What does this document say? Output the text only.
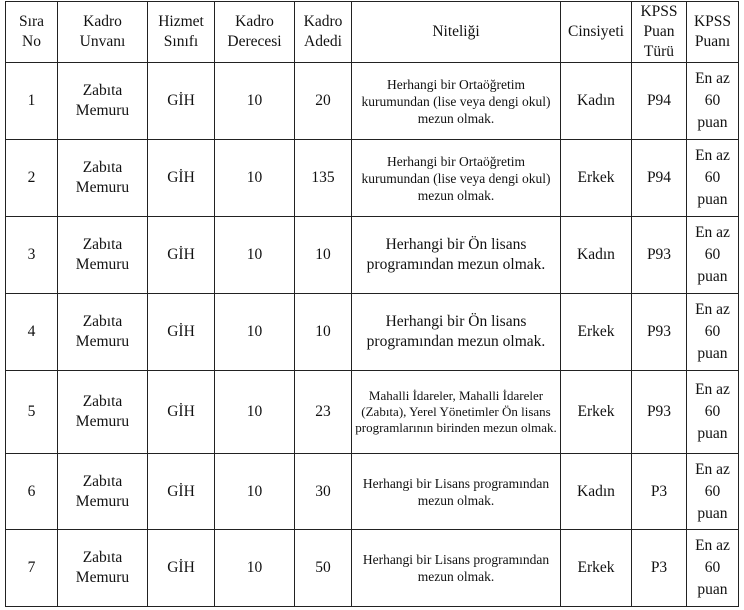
Sıra No	Kadro Unvanı	Hizmet Sınıfı	Kadro Derecesi	Kadro Adedi	Niteliği	Cinsiyeti	KPSS Puan Türü	KPSS Puanı
1	Zabıta Memuru	GİH	10	20	Herhangi bir Ortaöğretim kurumundan (lise veya dengi okul) mezun olmak.	Kadın	P94	En az 60 puan
2	Zabıta Memuru	GİH	10	135	Herhangi bir Ortaöğretim kurumundan (lise veya dengi okul) mezun olmak.	Erkek	P94	En az 60 puan
3	Zabıta Memuru	GİH	10	10	Herhangi bir Ön lisans programından mezun olmak.	Kadın	P93	En az 60 puan
4	Zabıta Memuru	GİH	10	10	Herhangi bir Ön lisans programından mezun olmak.	Erkek	P93	En az 60 puan
5	Zabıta Memuru	GİH	10	23	Mahalli İdareler, Mahalli İdareler (Zabıta), Yerel Yönetimler Ön lisans programlarının birinden mezun olmak.	Erkek	P93	En az 60 puan
6	Zabıta Memuru	GİH	10	30	Herhangi bir Lisans programından mezun olmak.	Kadın	P3	En az 60 puan
7	Zabıta Memuru	GİH	10	50	Herhangi bir Lisans programından mezun olmak.	Erkek	P3	En az 60 puan
